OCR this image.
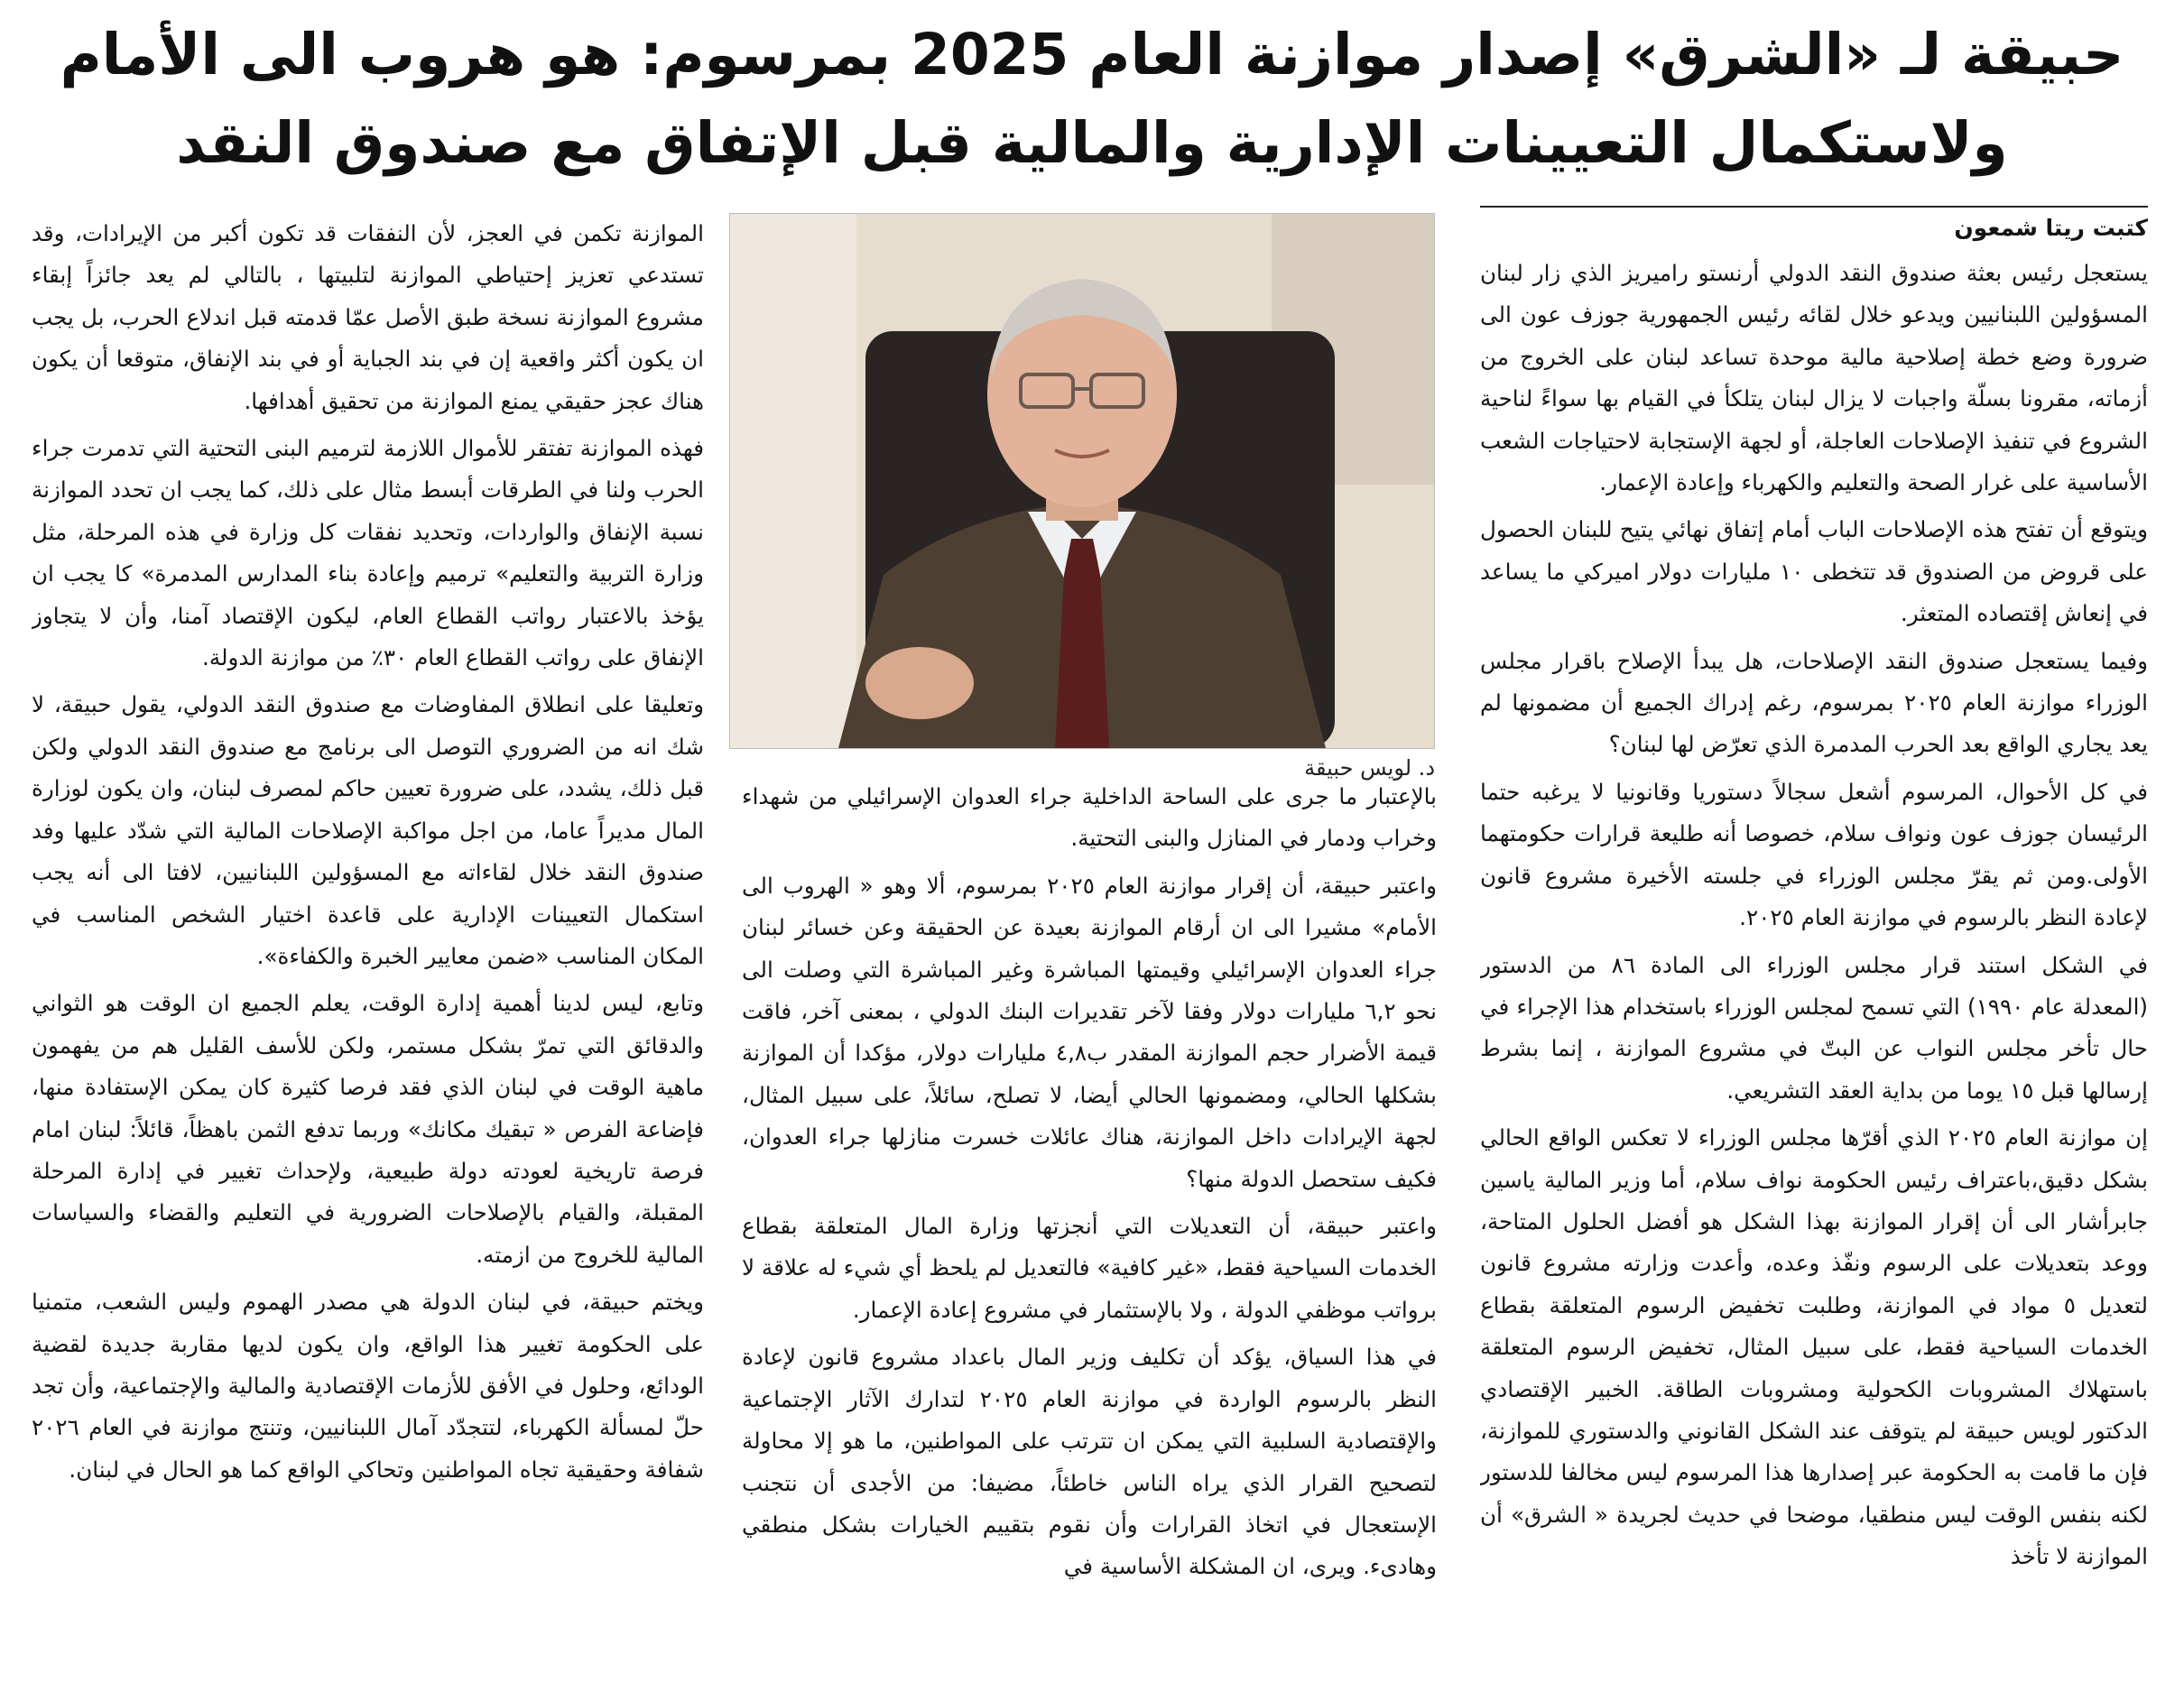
حبيقة لـ «الشرق» إصدار موازنة العام 2025 بمرسوم: هو هروب الى الأمام
ولاستكمال التعيينات الإدارية والمالية قبل الإتفاق مع صندوق النقد

كتبت ريتا شمعون

يستعجل رئيس بعثة صندوق النقد الدولي أرنستو راميريز الذي زار لبنان المسؤولين اللبنانيين ويدعو خلال لقائه رئيس الجمهورية جوزف عون الى ضرورة وضع خطة إصلاحية مالية موحدة تساعد لبنان على الخروج من أزماته، مقرونا بسلّة واجبات لا يزال لبنان يتلكأ في القيام بها سواءً لناحية الشروع في تنفيذ الإصلاحات العاجلة، أو لجهة الإستجابة لاحتياجات الشعب الأساسية على غرار الصحة والتعليم والكهرباء وإعادة الإعمار.

ويتوقع أن تفتح هذه الإصلاحات الباب أمام إتفاق نهائي يتيح للبنان الحصول على قروض من الصندوق قد تتخطى ١٠ مليارات دولار اميركي ما يساعد في إنعاش إقتصاده المتعثر.

وفيما يستعجل صندوق النقد الإصلاحات، هل يبدأ الإصلاح باقرار مجلس الوزراء موازنة العام ٢٠٢٥ بمرسوم، رغم إدراك الجميع أن مضمونها لم يعد يجاري الواقع بعد الحرب المدمرة الذي تعرّض لها لبنان؟

في كل الأحوال، المرسوم أشعل سجالاً دستوريا وقانونيا لا يرغبه حتما الرئيسان جوزف عون ونواف سلام، خصوصا أنه طليعة قرارات حكومتهما الأولى.ومن ثم يقرّ مجلس الوزراء في جلسته الأخيرة مشروع قانون لإعادة النظر بالرسوم في موازنة العام ٢٠٢٥.

في الشكل استند قرار مجلس الوزراء الى المادة ٨٦ من الدستور (المعدلة عام ١٩٩٠) التي تسمح لمجلس الوزراء باستخدام هذا الإجراء في حال تأخر مجلس النواب عن البتّ في مشروع الموازنة ، إنما بشرط إرسالها قبل ١٥ يوما من بداية العقد التشريعي.

إن موازنة العام ٢٠٢٥ الذي أقرّها مجلس الوزراء لا تعكس الواقع الحالي بشكل دقيق،باعتراف رئيس الحكومة نواف سلام، أما وزير المالية ياسين جابرأشار الى أن إقرار الموازنة بهذا الشكل هو أفضل الحلول المتاحة، ووعد بتعديلات على الرسوم ونفّذ وعده، وأعدت وزارته مشروع قانون لتعديل ٥ مواد في الموازنة، وطلبت تخفيض الرسوم المتعلقة بقطاع الخدمات السياحية فقط، على سبيل المثال، تخفيض الرسوم المتعلقة باستهلاك المشروبات الكحولية ومشروبات الطاقة. الخبير الإقتصادي الدكتور لويس حبيقة لم يتوقف عند الشكل القانوني والدستوري للموازنة، فإن ما قامت به الحكومة عبر إصدارها هذا المرسوم ليس مخالفا للدستور لكنه بنفس الوقت ليس منطقيا، موضحا في حديث لجريدة « الشرق» أن الموازنة لا تأخذ

د. لويس حبيقة

بالإعتبار ما جرى على الساحة الداخلية جراء العدوان الإسرائيلي من شهداء وخراب ودمار في المنازل والبنى التحتية.

واعتبر حبيقة، أن إقرار موازنة العام ٢٠٢٥ بمرسوم، ألا وهو « الهروب الى الأمام» مشيرا الى ان أرقام الموازنة بعيدة عن الحقيقة وعن خسائر لبنان جراء العدوان الإسرائيلي وقيمتها المباشرة وغير المباشرة التي وصلت الى نحو ٦,٢ مليارات دولار وفقا لآخر تقديرات البنك الدولي ، بمعنى آخر، فاقت قيمة الأضرار حجم الموازنة المقدر ب٤,٨ مليارات دولار، مؤكدا أن الموازنة بشكلها الحالي، ومضمونها الحالي أيضا، لا تصلح، سائلاً، على سبيل المثال، لجهة الإيرادات داخل الموازنة، هناك عائلات خسرت منازلها جراء العدوان، فكيف ستحصل الدولة منها؟

واعتبر حبيقة، أن التعديلات التي أنجزتها وزارة المال المتعلقة بقطاع الخدمات السياحية فقط، «غير كافية» فالتعديل لم يلحظ أي شيء له علاقة لا برواتب موظفي الدولة ، ولا بالإستثمار في مشروع إعادة الإعمار.

في هذا السياق، يؤكد أن تكليف وزير المال باعداد مشروع قانون لإعادة النظر بالرسوم الواردة في موازنة العام ٢٠٢٥ لتدارك الآثار الإجتماعية والإقتصادية السلبية التي يمكن ان تترتب على المواطنين، ما هو إلا محاولة لتصحيح القرار الذي يراه الناس خاطئاً، مضيفا: من الأجدى أن نتجنب الإستعجال في اتخاذ القرارات وأن نقوم بتقييم الخيارات بشكل منطقي وهادىء. ويرى، ان المشكلة الأساسية في

الموازنة تكمن في العجز، لأن النفقات قد تكون أكبر من الإيرادات، وقد تستدعي تعزيز إحتياطي الموازنة لتلبيتها ، بالتالي لم يعد جائزاً إبقاء مشروع الموازنة نسخة طبق الأصل عمّا قدمته قبل اندلاع الحرب، بل يجب ان يكون أكثر واقعية إن في بند الجباية أو في بند الإنفاق، متوقعا أن يكون هناك عجز حقيقي يمنع الموازنة من تحقيق أهدافها.

فهذه الموازنة تفتقر للأموال اللازمة لترميم البنى التحتية التي تدمرت جراء الحرب ولنا في الطرقات أبسط مثال على ذلك، كما يجب ان تحدد الموازنة نسبة الإنفاق والواردات، وتحديد نفقات كل وزارة في هذه المرحلة، مثل وزارة التربية والتعليم» ترميم وإعادة بناء المدارس المدمرة» كا يجب ان يؤخذ بالاعتبار رواتب القطاع العام، ليكون الإقتصاد آمنا، وأن لا يتجاوز الإنفاق على رواتب القطاع العام ٣٠٪ من موازنة الدولة.

وتعليقا على انطلاق المفاوضات مع صندوق النقد الدولي، يقول حبيقة، لا شك انه من الضروري التوصل الى برنامج مع صندوق النقد الدولي ولكن قبل ذلك، يشدد، على ضرورة تعيين حاكم لمصرف لبنان، وان يكون لوزارة المال مديراً عاما، من اجل مواكبة الإصلاحات المالية التي شدّد عليها وفد صندوق النقد خلال لقاءاته مع المسؤولين اللبنانيين، لافتا الى أنه يجب استكمال التعيينات الإدارية على قاعدة اختيار الشخص المناسب في المكان المناسب «ضمن معايير الخبرة والكفاءة».

وتابع، ليس لدينا أهمية إدارة الوقت، يعلم الجميع ان الوقت هو الثواني والدقائق التي تمرّ بشكل مستمر، ولكن للأسف القليل هم من يفهمون ماهية الوقت في لبنان الذي فقد فرصا كثيرة كان يمكن الإستفادة منها، فإضاعة الفرص « تبقيك مكانك» وربما تدفع الثمن باهظاً، قائلاً: لبنان امام فرصة تاريخية لعودته دولة طبيعية، ولإحداث تغيير في إدارة المرحلة المقبلة، والقيام بالإصلاحات الضرورية في التعليم والقضاء والسياسات المالية للخروج من ازمته.

ويختم حبيقة، في لبنان الدولة هي مصدر الهموم وليس الشعب، متمنيا على الحكومة تغيير هذا الواقع، وان يكون لديها مقاربة جديدة لقضية الودائع، وحلول في الأفق للأزمات الإقتصادية والمالية والإجتماعية، وأن تجد حلّ لمسألة الكهرباء، لتتجدّد آمال اللبنانيين، وتنتج موازنة في العام ٢٠٢٦ شفافة وحقيقية تجاه المواطنين وتحاكي الواقع كما هو الحال في لبنان.
